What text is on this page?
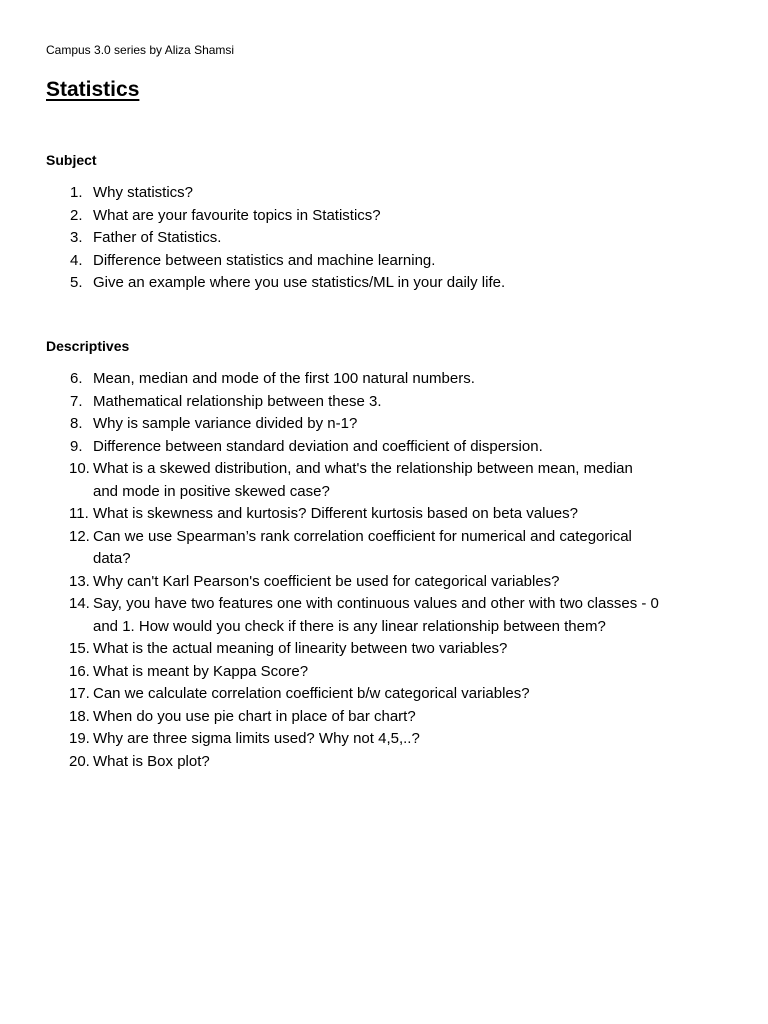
Campus 3.0 series by Aliza Shamsi
Statistics
Subject
1. Why statistics?
2. What are your favourite topics in Statistics?
3. Father of Statistics.
4. Difference between statistics and machine learning.
5. Give an example where you use statistics/ML in your daily life.
Descriptives
6. Mean, median and mode of the first 100 natural numbers.
7. Mathematical relationship between these 3.
8. Why is sample variance divided by n-1?
9. Difference between standard deviation and coefficient of dispersion.
10. What is a skewed distribution, and what's the relationship between mean, median
and mode in positive skewed case?
11. What is skewness and kurtosis? Different kurtosis based on beta values?
12. Can we use Spearman’s rank correlation coefficient for numerical and categorical
data?
13. Why can't Karl Pearson's coefficient be used for categorical variables?
14. Say, you have two features one with continuous values and other with two classes - 0
and 1. How would you check if there is any linear relationship between them?
15. What is the actual meaning of linearity between two variables?
16. What is meant by Kappa Score?
17. Can we calculate correlation coefficient b/w categorical variables?
18. When do you use pie chart in place of bar chart?
19. Why are three sigma limits used? Why not 4,5,..?
20. What is Box plot?
